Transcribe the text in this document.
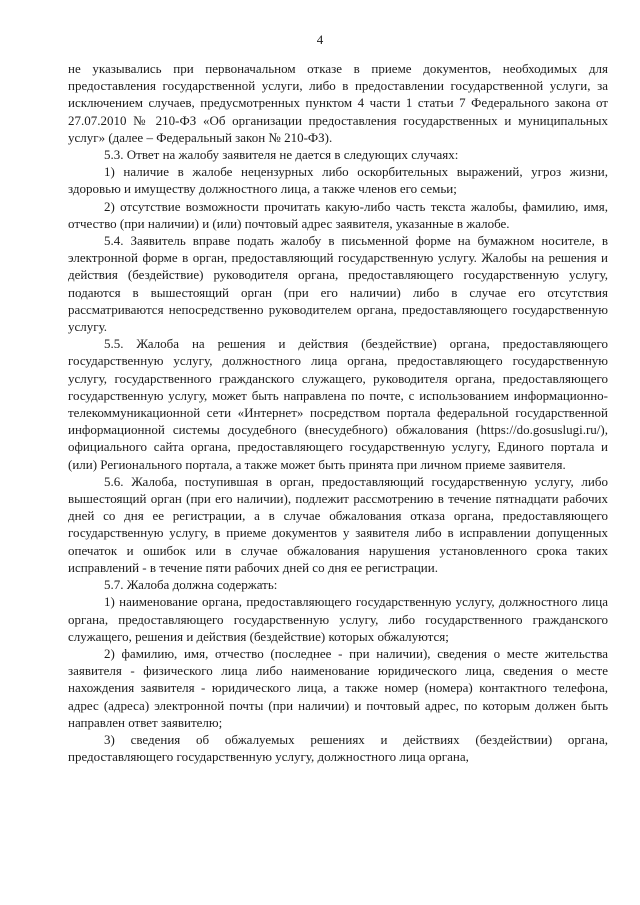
4

не указывались при первоначальном отказе в приеме документов, необходимых для предоставления государственной услуги, либо в предоставлении государственной услуги, за исключением случаев, предусмотренных пунктом 4 части 1 статьи 7 Федерального закона от 27.07.2010 № 210-ФЗ «Об организации предоставления государственных и муниципальных услуг» (далее – Федеральный закон № 210-ФЗ).

5.3. Ответ на жалобу заявителя не дается в следующих случаях:

1) наличие в жалобе нецензурных либо оскорбительных выражений, угроз жизни, здоровью и имуществу должностного лица, а также членов его семьи;

2) отсутствие возможности прочитать какую-либо часть текста жалобы, фамилию, имя, отчество (при наличии) и (или) почтовый адрес заявителя, указанные в жалобе.

5.4. Заявитель вправе подать жалобу в письменной форме на бумажном носителе, в электронной форме в орган, предоставляющий государственную услугу. Жалобы на решения и действия (бездействие) руководителя органа, предоставляющего государственную услугу, подаются в вышестоящий орган (при его наличии) либо в случае его отсутствия рассматриваются непосредственно руководителем органа, предоставляющего государственную услугу.

5.5. Жалоба на решения и действия (бездействие) органа, предоставляющего государственную услугу, должностного лица органа, предоставляющего государственную услугу, государственного гражданского служащего, руководителя органа, предоставляющего государственную услугу, может быть направлена по почте, с использованием информационно-телекоммуникационной сети «Интернет» посредством портала федеральной государственной информационной системы досудебного (внесудебного) обжалования (https://do.gosuslugi.ru/), официального сайта органа, предоставляющего государственную услугу, Единого портала и (или) Регионального портала, а также может быть принята при личном приеме заявителя.

5.6. Жалоба, поступившая в орган, предоставляющий государственную услугу, либо вышестоящий орган (при его наличии), подлежит рассмотрению в течение пятнадцати рабочих дней со дня ее регистрации, а в случае обжалования отказа органа, предоставляющего государственную услугу, в приеме документов у заявителя либо в исправлении допущенных опечаток и ошибок или в случае обжалования нарушения установленного срока таких исправлений - в течение пяти рабочих дней со дня ее регистрации.

5.7. Жалоба должна содержать:

1) наименование органа, предоставляющего государственную услугу, должностного лица органа, предоставляющего государственную услугу, либо государственного гражданского служащего, решения и действия (бездействие) которых обжалуются;

2) фамилию, имя, отчество (последнее - при наличии), сведения о месте жительства заявителя - физического лица либо наименование юридического лица, сведения о месте нахождения заявителя - юридического лица, а также номер (номера) контактного телефона, адрес (адреса) электронной почты (при наличии) и почтовый адрес, по которым должен быть направлен ответ заявителю;

3) сведения об обжалуемых решениях и действиях (бездействии) органа, предоставляющего государственную услугу, должностного лица органа,
